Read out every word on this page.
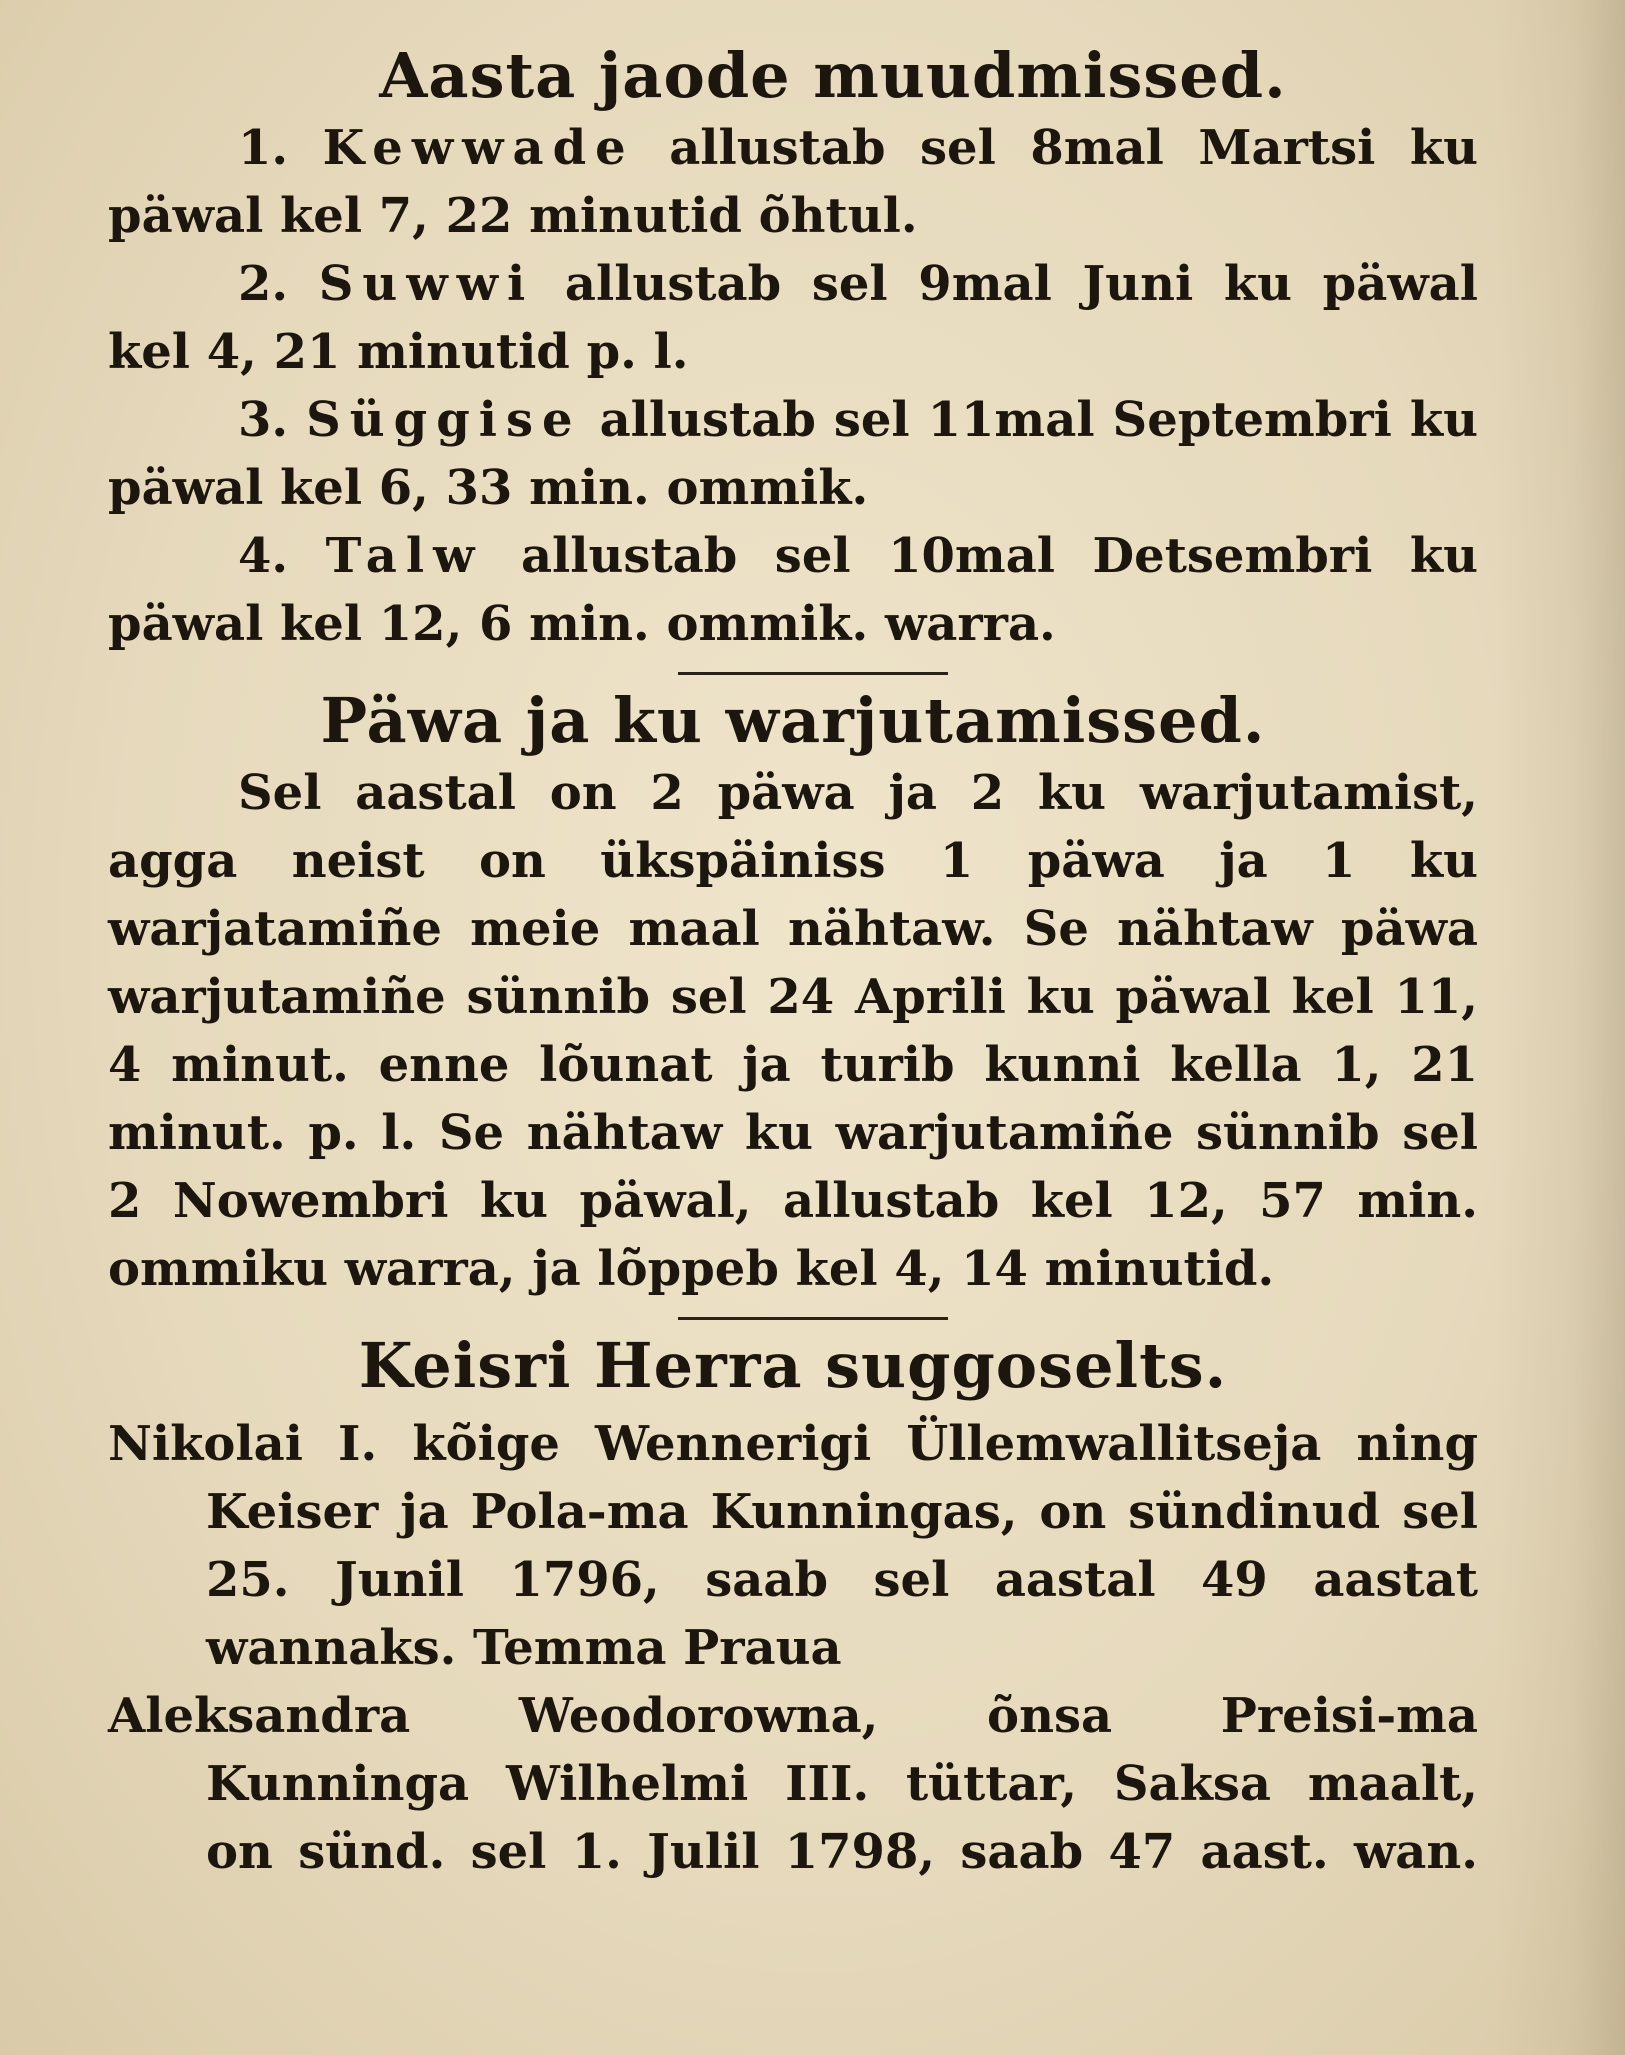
Aasta jaode muudmissed.

1. Kewwade allustab sel 8mal Martsi ku päwal kel 7, 22 minutid õhtul.

2. Suwwi allustab sel 9mal Juni ku päwal kel 4, 21 minutid p. l.

3. Süggise allustab sel 11mal Septembri ku päwal kel 6, 33 min. ommik.

4. Talw allustab sel 10mal Detsembri ku päwal kel 12, 6 min. ommik. warra.

Päwa ja ku warjutamissed.

Sel aastal on 2 päwa ja 2 ku warjutamist, agga neist on ükspäiniss 1 päwa ja 1 ku warjatamiñe meie maal nähtaw. Se nähtaw päwa warjutamiñe sünnib sel 24 Aprili ku päwal kel 11, 4 minut. enne lõunat ja turib kunni kella 1, 21 minut. p. l. Se nähtaw ku warjutamiñe sünnib sel 2 Nowembri ku päwal, allustab kel 12, 57 min. ommiku warra, ja lõppeb kel 4, 14 minutid.

Keisri Herra suggoselts.

Nikolai I. kõige Wennerigi Üllemwallitseja ning

Keiser ja Pola-ma Kunningas, on sündinud sel

25. Junil 1796, saab sel aastal 49 aastat

wannaks. Temma Praua

Aleksandra Weodorowna, õnsa Preisi-ma

Kunninga Wilhelmi III. tüttar, Saksa maalt,

on sünd. sel 1. Julil 1798, saab 47 aast. wan.
